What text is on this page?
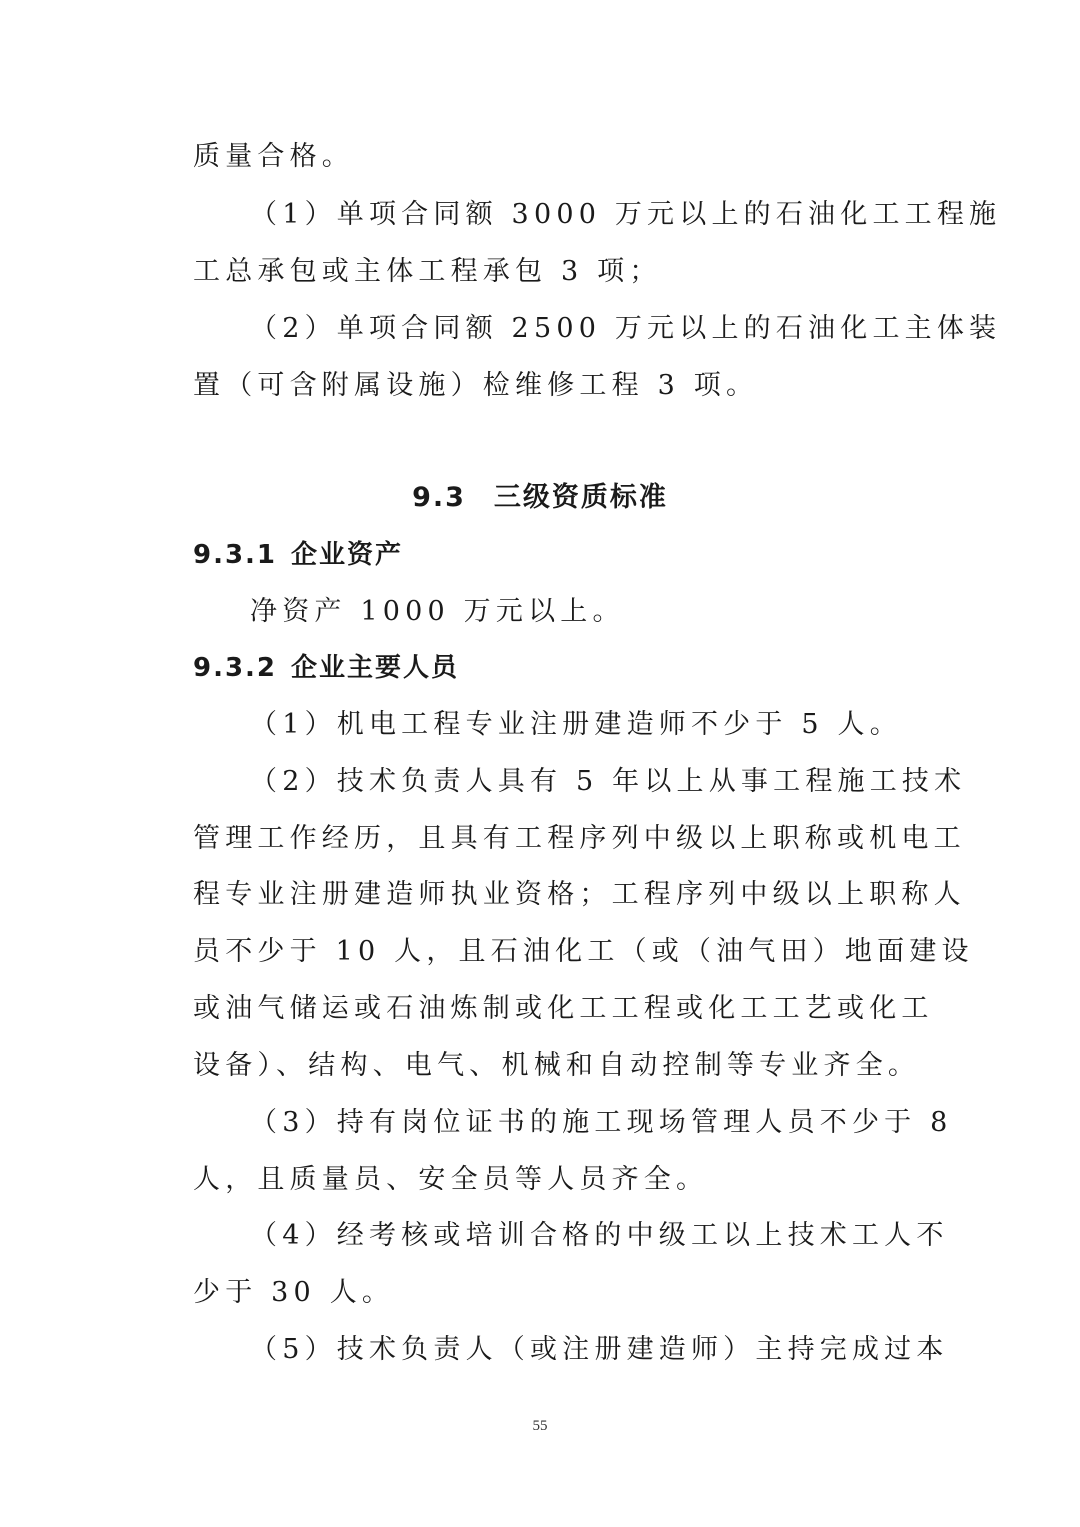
质量合格。
（1）单项合同额 3000 万元以上的石油化工工程施
工总承包或主体工程承包 3 项；
（2）单项合同额 2500 万元以上的石油化工主体装
置（可含附属设施）检维修工程 3 项。
9.3 三级资质标准
9.3.1 企业资产
净资产 1000 万元以上。
9.3.2 企业主要人员
（1）机电工程专业注册建造师不少于 5 人。
（2）技术负责人具有 5 年以上从事工程施工技术
管理工作经历，且具有工程序列中级以上职称或机电工
程专业注册建造师执业资格；工程序列中级以上职称人
员不少于 10 人，且石油化工（或（油气田）地面建设
或油气储运或石油炼制或化工工程或化工工艺或化工
设备）、结构、电气、机械和自动控制等专业齐全。
（3）持有岗位证书的施工现场管理人员不少于 8
人，且质量员、安全员等人员齐全。
（4）经考核或培训合格的中级工以上技术工人不
少于 30 人。
（5）技术负责人（或注册建造师）主持完成过本
55
